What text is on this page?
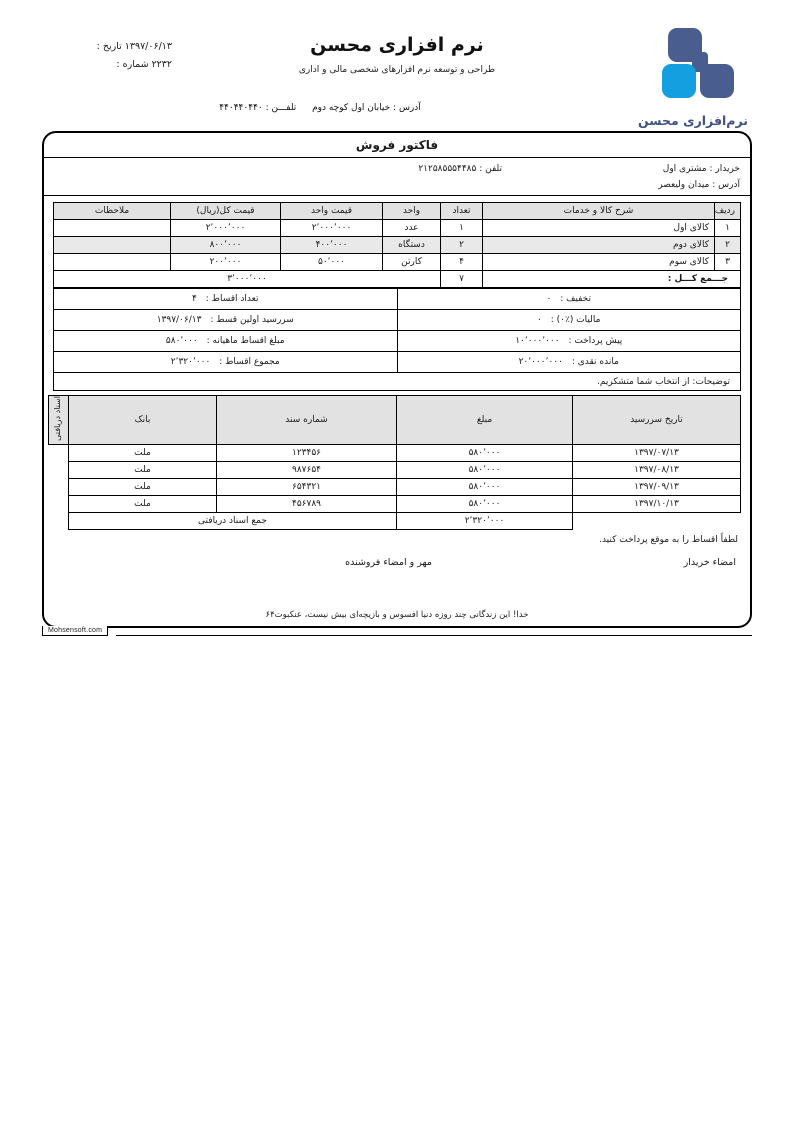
۱۳۹۷/۰۶/۱۳ تاریخ :
۲۲۳۲ شماره :
نرم افزاری محسن
طراحی و توسعه نرم افزارهای شخصی مالی و اداری
آدرس : خیابان اول کوچه دوم  تلفـــن : ۴۴۰۴۴۰۴۴۰
نرم‌افزاری محسن
فاکتور فروش
خریدار : مشتری اول
آدرس : میدان ولیعصر
تلفن : ۲۱۲۵۸۵۵۵۴۴۸۵
ردیف	شرح کالا و خدمات	تعداد	واحد	قیمت واحد	قیمت کل(ریال)	ملاحظات
۱	کالای اول	۱	عدد	۲٬۰۰۰٬۰۰۰	۲٬۰۰۰٬۰۰۰	
۲	کالای دوم	۲	دستگاه	۴۰۰٬۰۰۰	۸۰۰٬۰۰۰	
۳	کالای سوم	۴	کارتن	۵۰٬۰۰۰	۲۰۰٬۰۰۰	
جـــمع کـــل :		۷	۳٬۰۰۰٬۰۰۰			
تخفیف : ۰	تعداد اقساط : ۴
مالیات (٪۰) : ۰	سررسید اولین قسط : ۱۳۹۷/۰۶/۱۳
پیش پرداخت : ۱۰٬۰۰۰٬۰۰۰	مبلغ اقساط ماهیانه : ۵۸۰٬۰۰۰
مانده نقدی : ۲۰٬۰۰۰٬۰۰۰	مجموع اقساط : ۲٬۳۲۰٬۰۰۰
توضیحات: از انتخاب شما متشکریم.
تاریخ سررسید	مبلغ	شماره سند	بانک	اسناد دریافتی
۱۳۹۷/۰۷/۱۳	۵۸۰٬۰۰۰	۱۲۳۴۵۶	ملت	
۱۳۹۷/۰۸/۱۳	۵۸۰٬۰۰۰	۹۸۷۶۵۴	ملت	
۱۳۹۷/۰۹/۱۳	۵۸۰٬۰۰۰	۶۵۴۳۲۱	ملت	
۱۳۹۷/۱۰/۱۳	۵۸۰٬۰۰۰	۴۵۶۷۸۹	ملت	
	۲٬۳۲۰٬۰۰۰	جمع اسناد دریافتی		
لطفاً اقساط را به موقع پرداخت کنید.
امضاء خریدار
مهر و امضاء فروشنده
خدا! این زندگانی چند روزه دنیا افسوس و بازیچه‌ای بیش نیست، عنکبوت۶۴
Mohsensoft.com
